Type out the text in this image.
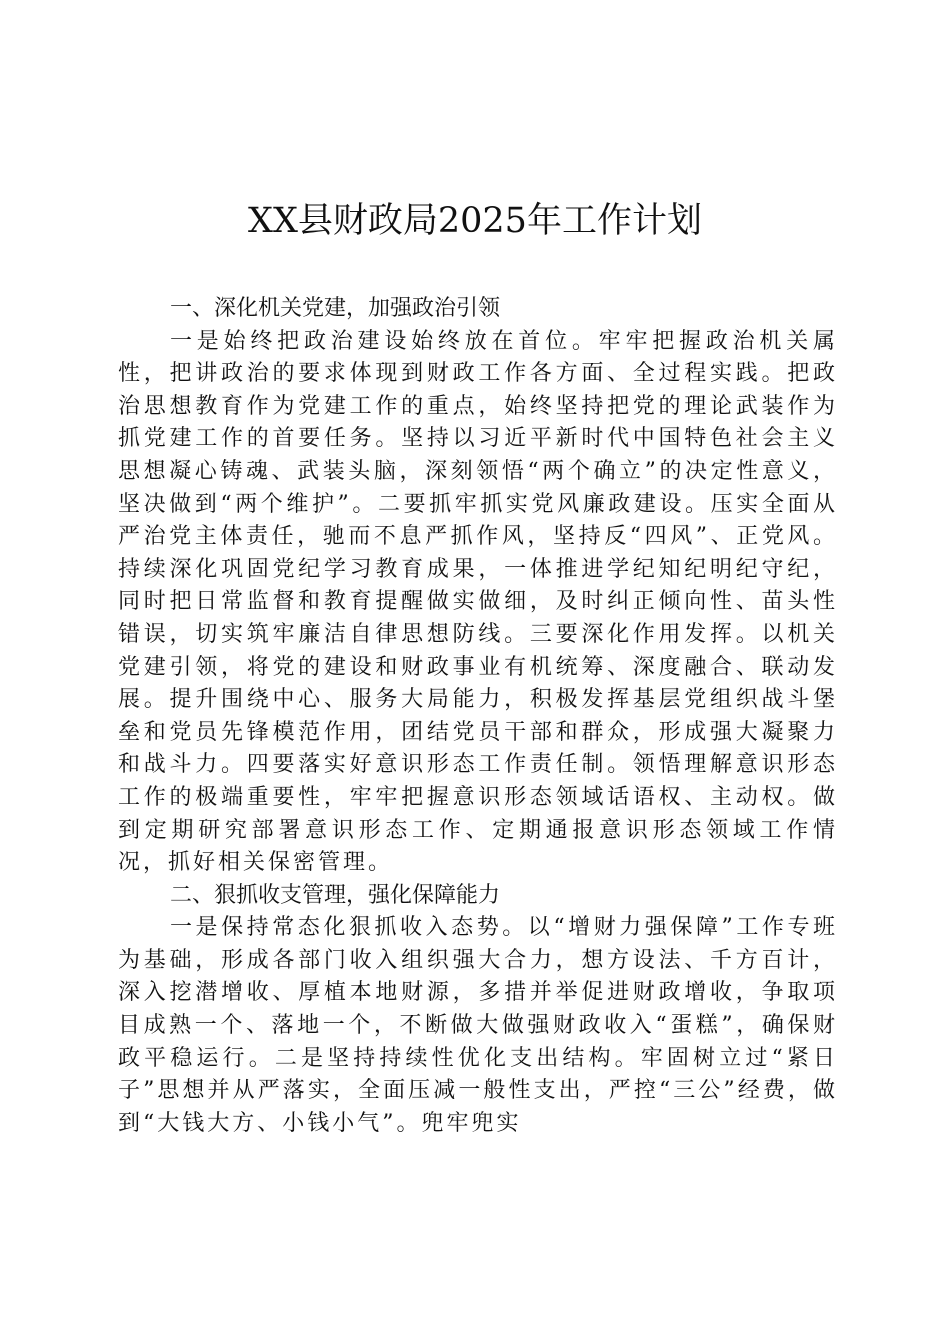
XX县财政局2025年工作计划
一、深化机关党建，加强政治引领

一是始终把政治建设始终放在首位。牢牢把握政治机关属性，把讲政治的要求体现到财政工作各方面、全过程实践。把政治思想教育作为党建工作的重点，始终坚持把党的理论武装作为抓党建工作的首要任务。坚持以习近平新时代中国特色社会主义思想凝心铸魂、武装头脑，深刻领悟“两个确立”的决定性意义，坚决做到“两个维护”。二要抓牢抓实党风廉政建设。压实全面从严治党主体责任，驰而不息严抓作风，坚持反“四风”、正党风。持续深化巩固党纪学习教育成果，一体推进学纪知纪明纪守纪，同时把日常监督和教育提醒做实做细，及时纠正倾向性、苗头性错误，切实筑牢廉洁自律思想防线。三要深化作用发挥。以机关党建引领，将党的建设和财政事业有机统筹、深度融合、联动发展。提升围绕中心、服务大局能力，积极发挥基层党组织战斗堡垒和党员先锋模范作用，团结党员干部和群众，形成强大凝聚力和战斗力。四要落实好意识形态工作责任制。领悟理解意识形态工作的极端重要性，牢牢把握意识形态领域话语权、主动权。做到定期研究部署意识形态工作、定期通报意识形态领域工作情况，抓好相关保密管理。

二、狠抓收支管理，强化保障能力

一是保持常态化狠抓收入态势。以“增财力强保障”工作专班为基础，形成各部门收入组织强大合力，想方设法、千方百计，深入挖潜增收、厚植本地财源，多措并举促进财政增收，争取项目成熟一个、落地一个，不断做大做强财政收入“蛋糕”，确保财政平稳运行。二是坚持持续性优化支出结构。牢固树立过“紧日子”思想并从严落实，全面压减一般性支出，严控“三公”经费，做到“大钱大方、小钱小气”。兜牢兜实
